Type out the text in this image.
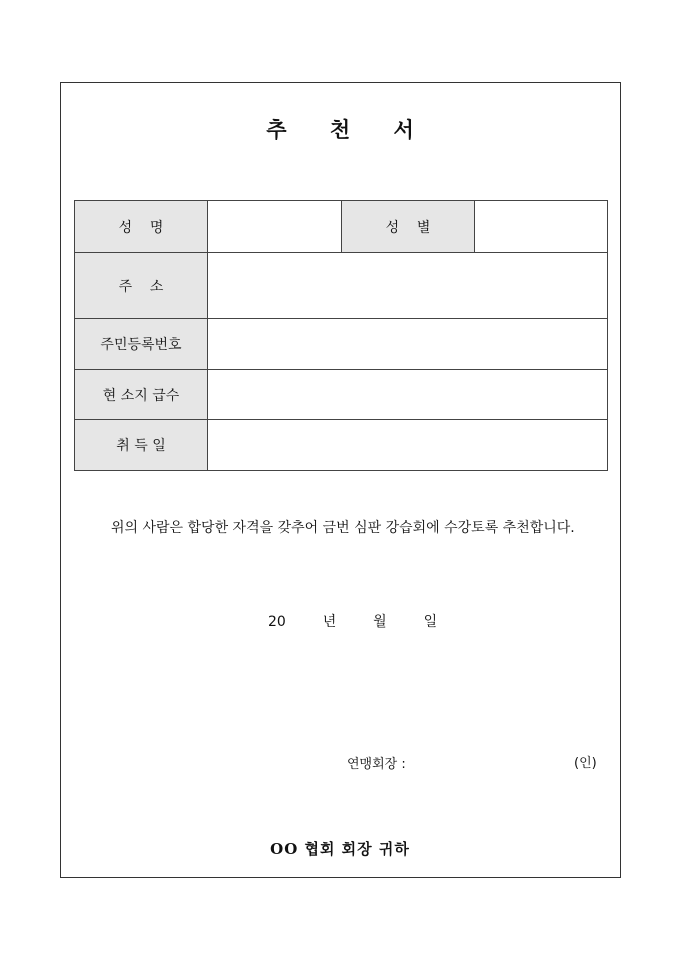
추 천 서
성    명		성    별	
주    소			
주민등록번호			
현 소지 급수			
취 득 일			
위의 사람은 합당한 자격을 갖추어 금번 심판 강습회에 수강토록 추천합니다.
20  년  월  일
연맹회장 :	(인)
OO 협회 회장 귀하
